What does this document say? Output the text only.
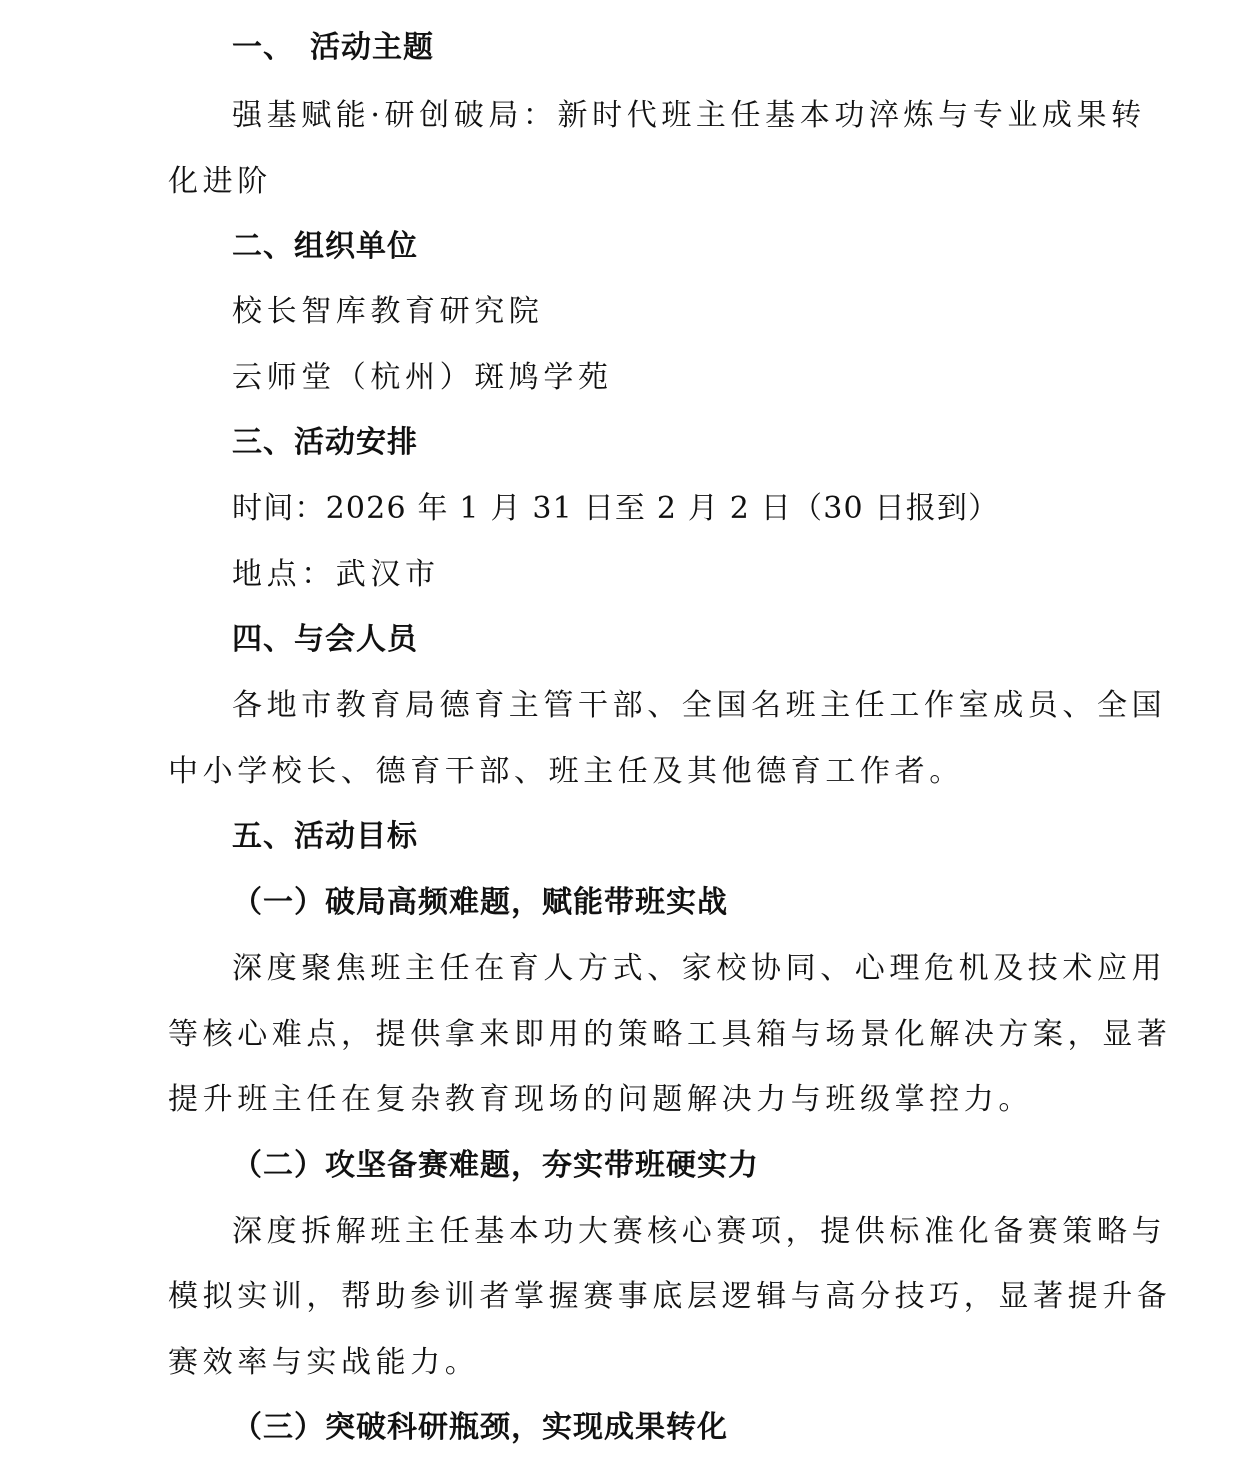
一、　活动主题
强基赋能·研创破局：新时代班主任基本功淬炼与专业成果转
化进阶
二、组织单位
校长智库教育研究院
云师堂（杭州）斑鸠学苑
三、活动安排
时间：2026 年 1 月 31 日至 2 月 2 日（30 日报到）
地点：武汉市
四、与会人员
各地市教育局德育主管干部、全国名班主任工作室成员、全国
中小学校长、德育干部、班主任及其他德育工作者。
五、活动目标
（一）破局高频难题，赋能带班实战
深度聚焦班主任在育人方式、家校协同、心理危机及技术应用
等核心难点，提供拿来即用的策略工具箱与场景化解决方案，显著
提升班主任在复杂教育现场的问题解决力与班级掌控力。
（二）攻坚备赛难题，夯实带班硬实力
深度拆解班主任基本功大赛核心赛项，提供标准化备赛策略与
模拟实训，帮助参训者掌握赛事底层逻辑与高分技巧，显著提升备
赛效率与实战能力。
（三）突破科研瓶颈，实现成果转化
